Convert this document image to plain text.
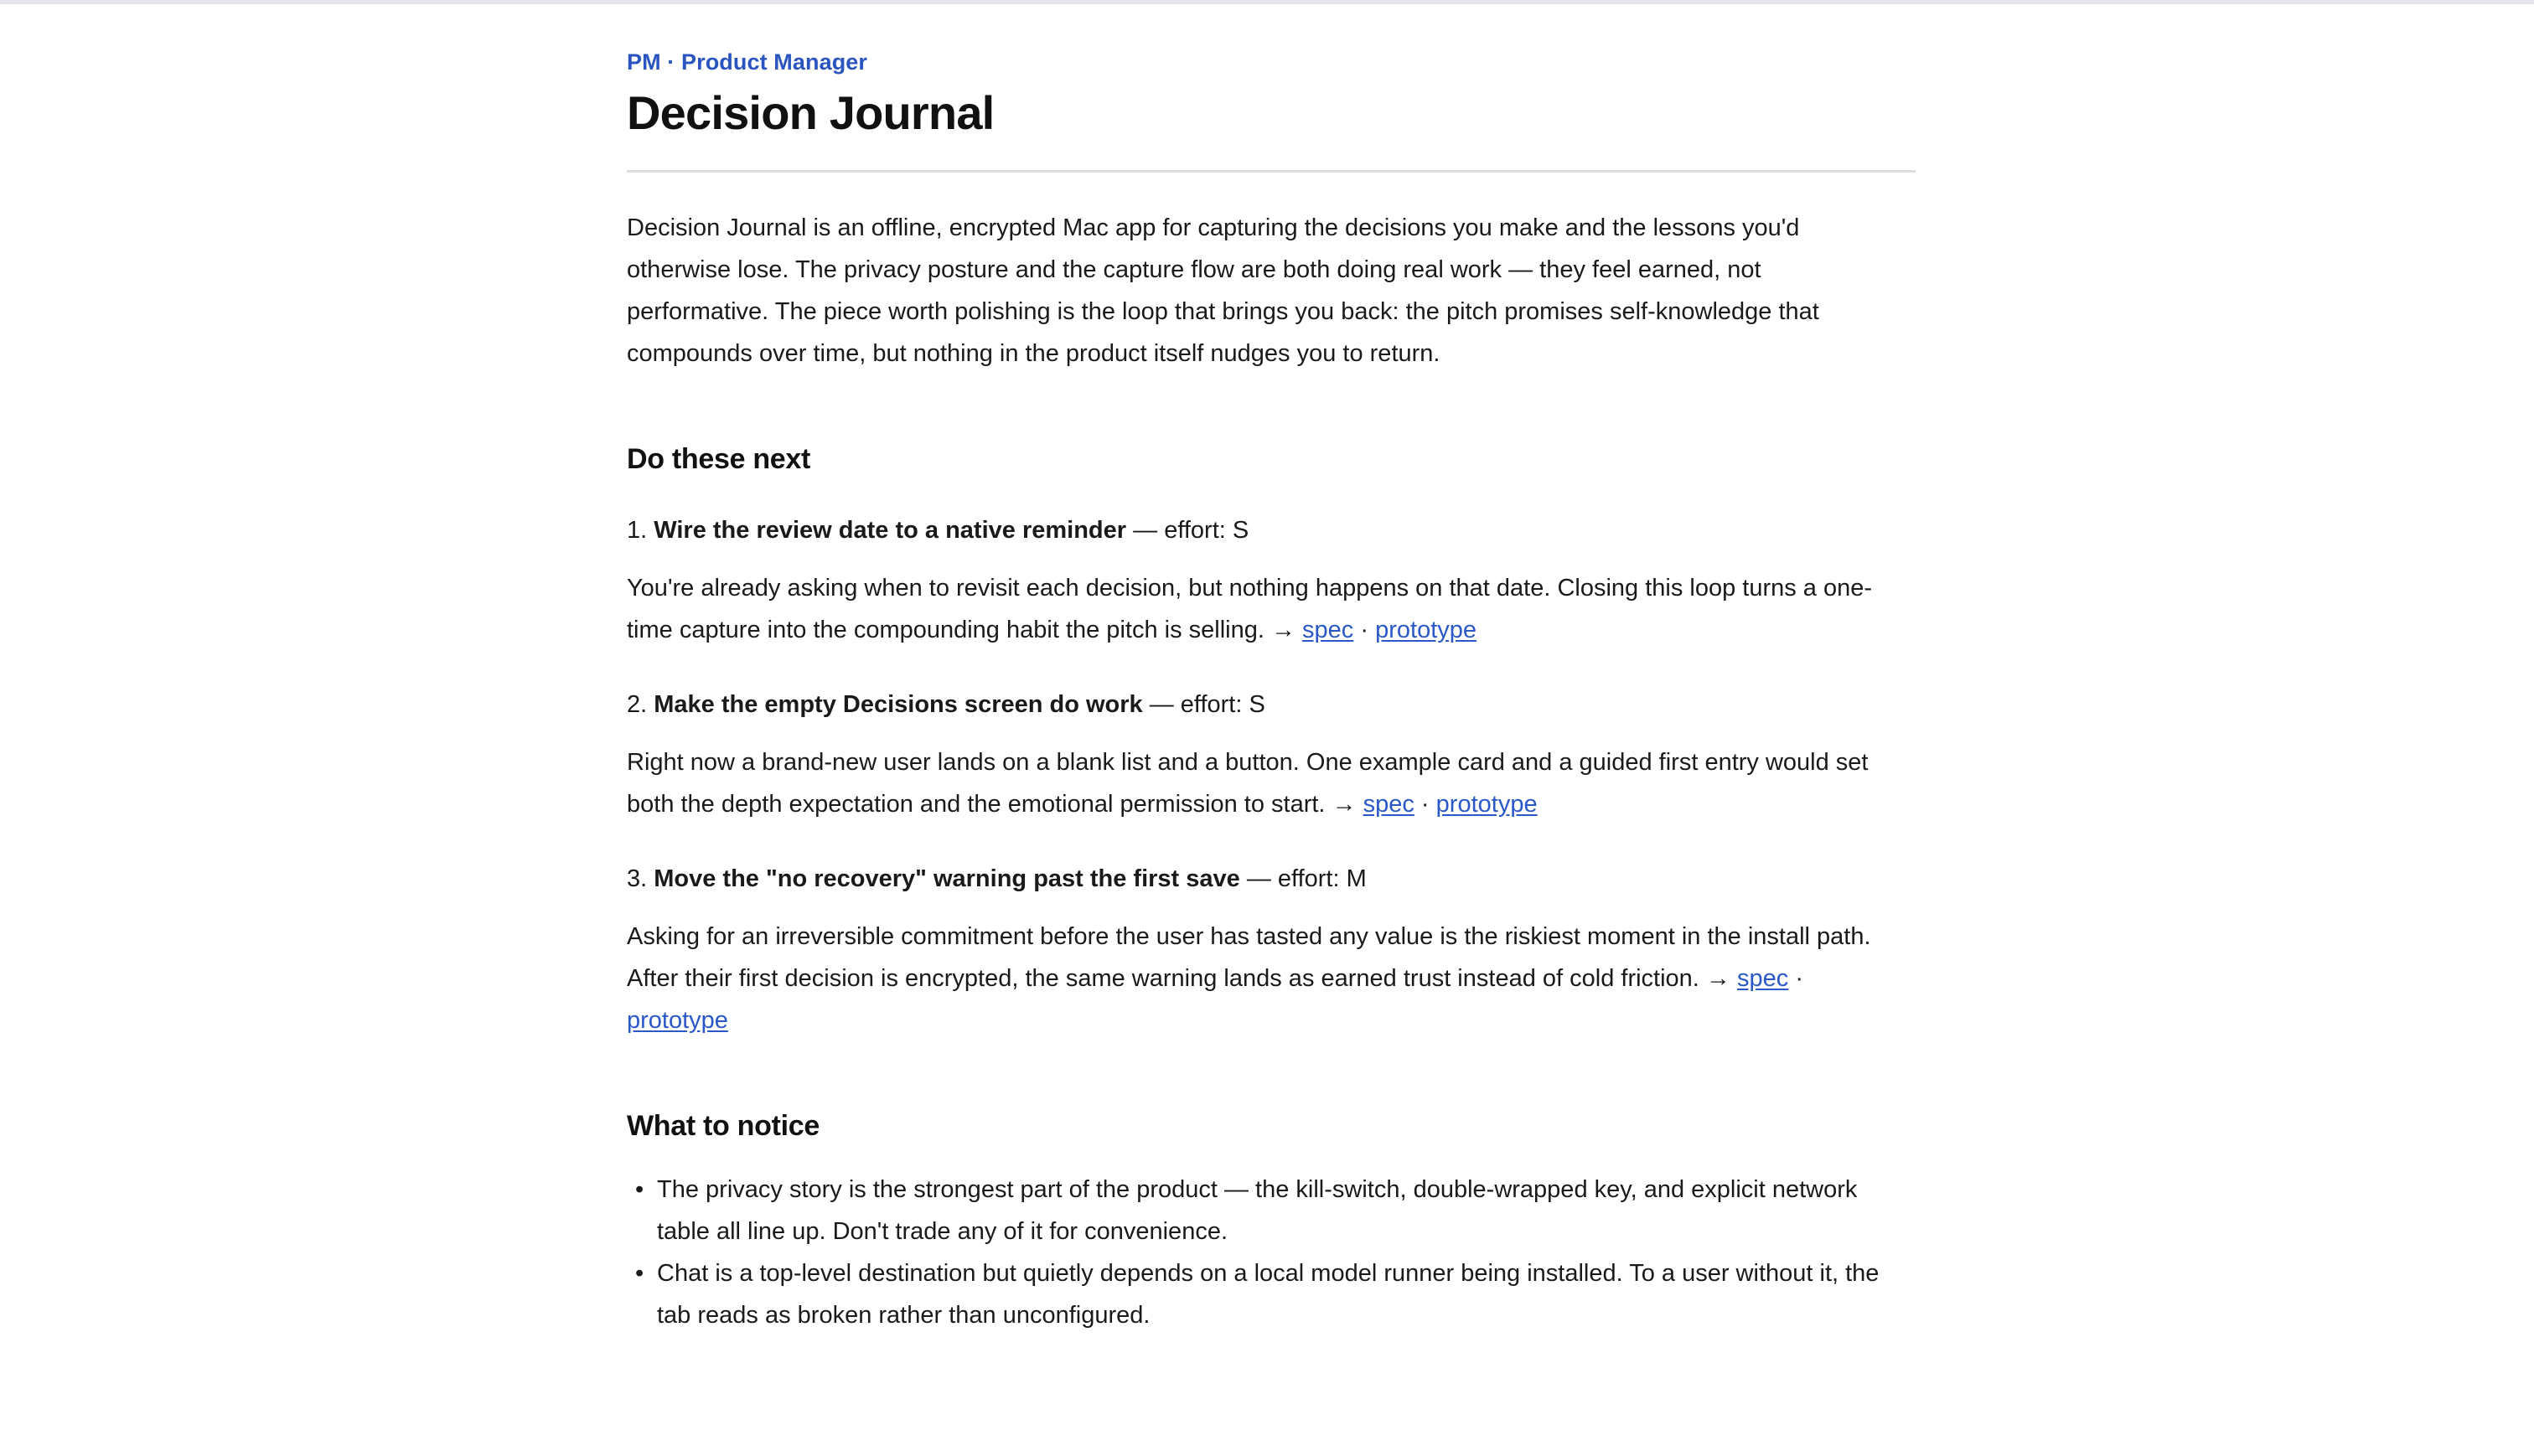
PM · Product Manager
Decision Journal

Decision Journal is an offline, encrypted Mac app for capturing the decisions you make and the lessons you'd otherwise lose. The privacy posture and the capture flow are both doing real work — they feel earned, not performative. The piece worth polishing is the loop that brings you back: the pitch promises self-knowledge that compounds over time, but nothing in the product itself nudges you to return.

Do these next

1. Wire the review date to a native reminder — effort: S

You're already asking when to revisit each decision, but nothing happens on that date. Closing this loop turns a one-time capture into the compounding habit the pitch is selling. → spec · prototype

2. Make the empty Decisions screen do work — effort: S

Right now a brand-new user lands on a blank list and a button. One example card and a guided first entry would set both the depth expectation and the emotional permission to start. → spec · prototype

3. Move the "no recovery" warning past the first save — effort: M

Asking for an irreversible commitment before the user has tasted any value is the riskiest moment in the install path. After their first decision is encrypted, the same warning lands as earned trust instead of cold friction. → spec · prototype

What to notice
• The privacy story is the strongest part of the product — the kill-switch, double-wrapped key, and explicit network table all line up. Don't trade any of it for convenience.
• Chat is a top-level destination but quietly depends on a local model runner being installed. To a user without it, the tab reads as broken rather than unconfigured.
